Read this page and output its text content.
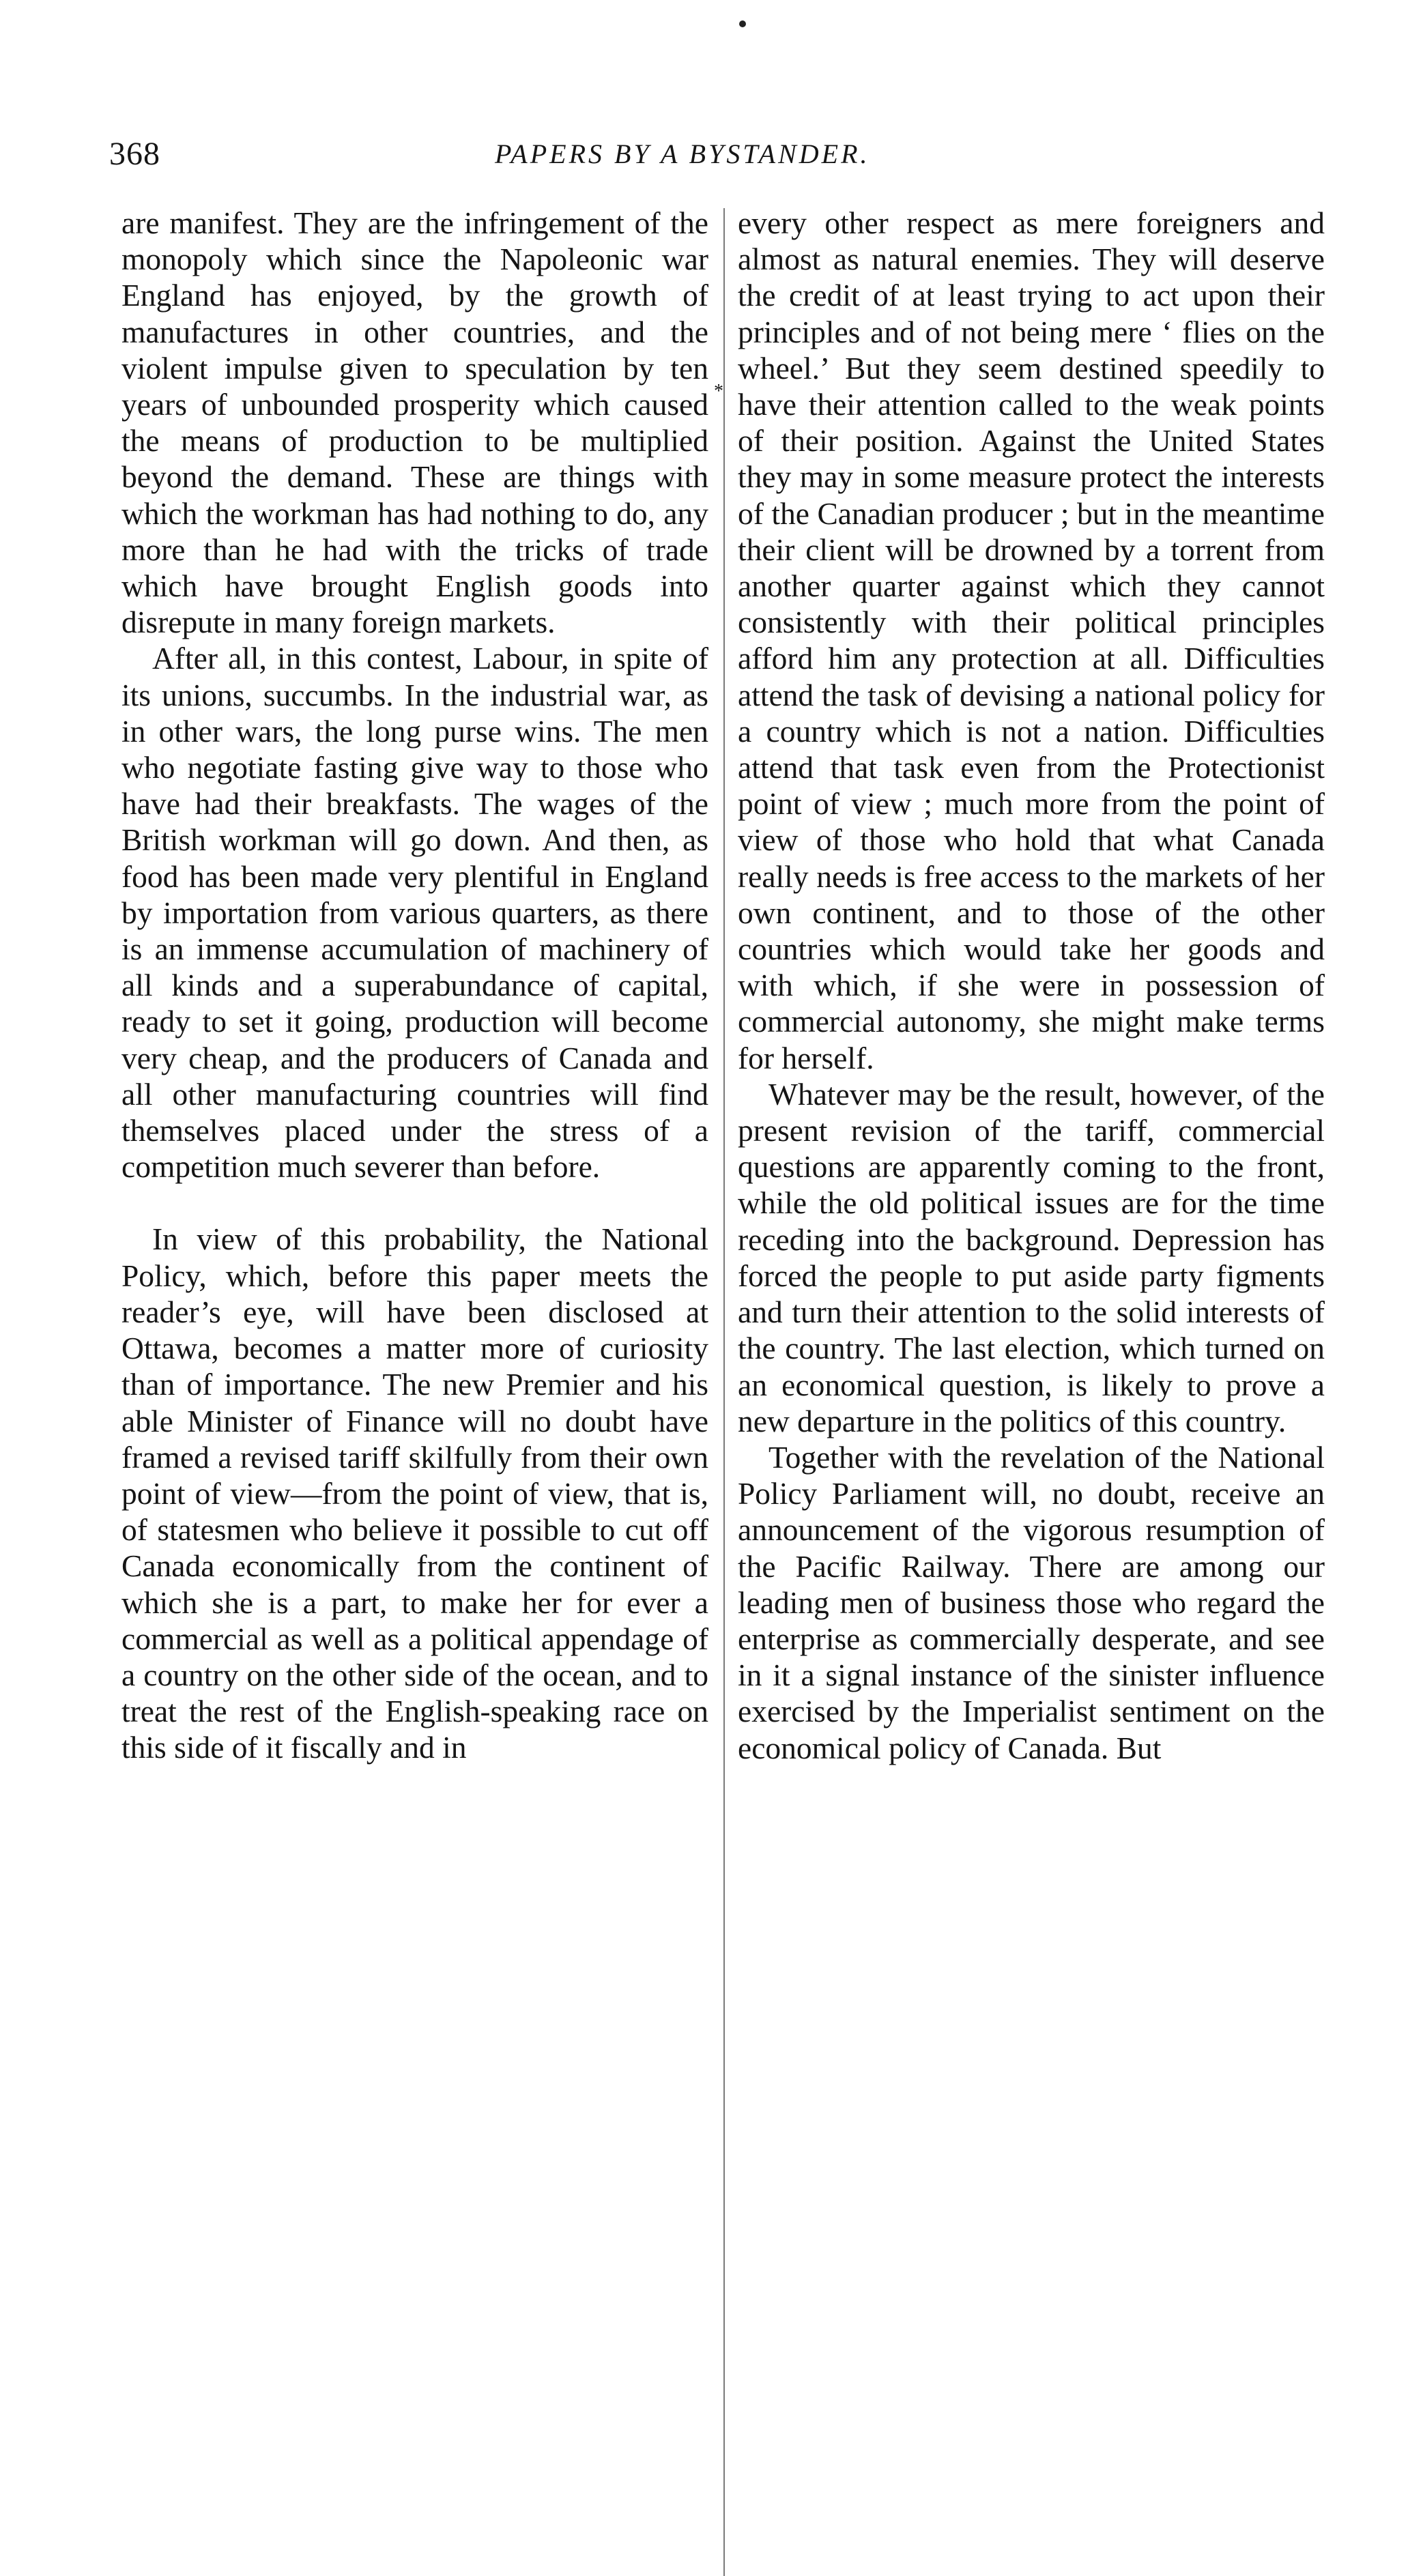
368	PAPERS BY A BYSTANDER.

are manifest. They are the infringement of the monopoly which since the Napoleonic war England has enjoyed, by the growth of manufactures in other countries, and the violent impulse given to speculation by ten years of unbounded prosperity which caused the means of production to be multiplied beyond the demand. These are things with which the workman has had nothing to do, any more than he had with the tricks of trade which have brought English goods into disrepute in many foreign markets.

After all, in this contest, Labour, in spite of its unions, succumbs. In the industrial war, as in other wars, the long purse wins. The men who negotiate fasting give way to those who have had their breakfasts. The wages of the British workman will go down. And then, as food has been made very plentiful in England by importation from various quarters, as there is an immense accumulation of machinery of all kinds and a superabundance of capital, ready to set it going, production will become very cheap, and the producers of Canada and all other manufacturing countries will find themselves placed under the stress of a competition much severer than before.

In view of this probability, the National Policy, which, before this paper meets the reader’s eye, will have been disclosed at Ottawa, becomes a matter more of curiosity than of importance. The new Premier and his able Minister of Finance will no doubt have framed a revised tariff skilfully from their own point of view—from the point of view, that is, of statesmen who believe it possible to cut off Canada economically from the continent of which she is a part, to make her for ever a commercial as well as a political appendage of a country on the other side of the ocean, and to treat the rest of the English-speaking race on this side of it fiscally and in

*

every other respect as mere foreigners and almost as natural enemies. They will deserve the credit of at least trying to act upon their principles and of not being mere ‘ flies on the wheel.’ But they seem destined speedily to have their attention called to the weak points of their position. Against the United States they may in some measure protect the interests of the Canadian producer ; but in the meantime their client will be drowned by a torrent from another quarter against which they cannot consistently with their political principles afford him any protection at all. Difficulties attend the task of devising a national policy for a country which is not a nation. Difficulties attend that task even from the Protectionist point of view ; much more from the point of view of those who hold that what Canada really needs is free access to the markets of her own continent, and to those of the other countries which would take her goods and with which, if she were in possession of commercial autonomy, she might make terms for herself.

Whatever may be the result, however, of the present revision of the tariff, commercial questions are apparently coming to the front, while the old political issues are for the time receding into the background. Depression has forced the people to put aside party figments and turn their attention to the solid interests of the country. The last election, which turned on an economical question, is likely to prove a new departure in the politics of this country.

Together with the revelation of the National Policy Parliament will, no doubt, receive an announcement of the vigorous resumption of the Pacific Railway. There are among our leading men of business those who regard the enterprise as commercially desperate, and see in it a signal instance of the sinister influence exercised by the Imperialist sentiment on the economical policy of Canada. But
